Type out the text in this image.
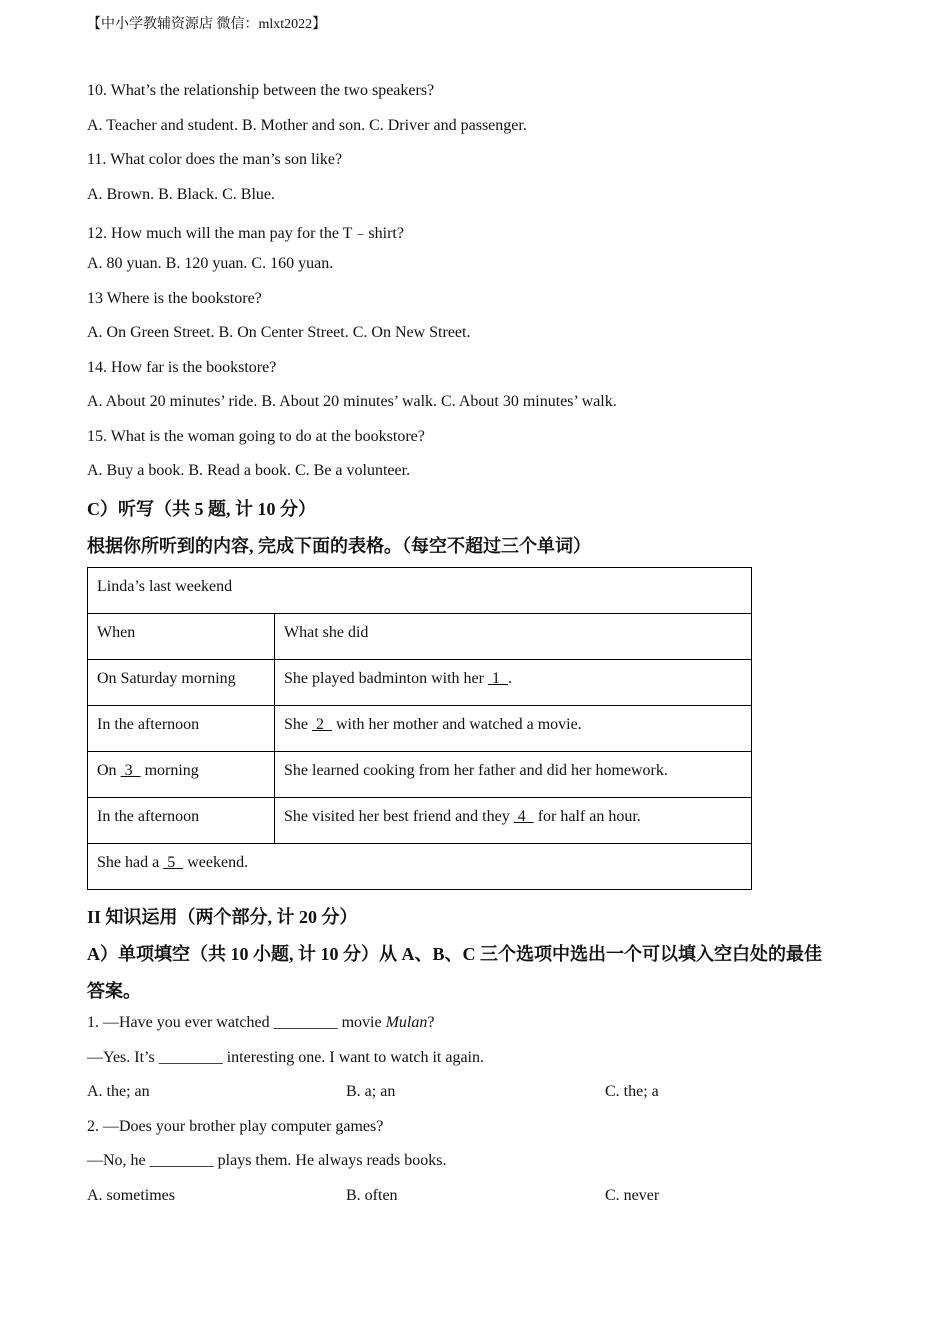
【中小学教辅资源店 微信：mlxt2022】
10. What’s the relationship between the two speakers?
A. Teacher and student. B. Mother and son. C. Driver and passenger.
11. What color does the man’s son like?
A. Brown. B. Black. C. Blue.
12. How much will the man pay for the T﹣shirt?
A. 80 yuan. B. 120 yuan. C. 160 yuan.
13 Where is the bookstore?
A. On Green Street. B. On Center Street. C. On New Street.
14. How far is the bookstore?
A. About 20 minutes’ ride. B. About 20 minutes’ walk. C. About 30 minutes’ walk.
15. What is the woman going to do at the bookstore?
A. Buy a book. B. Read a book. C. Be a volunteer.
C）听写（共 5 题, 计 10 分）
根据你所听到的内容, 完成下面的表格。（每空不超过三个单词）
Linda’s last weekend	
When	What she did
On Saturday morning	She played badminton with her  1  .
In the afternoon	She  2   with her mother and watched a movie.
On  3   morning	She learned cooking from her father and did her homework.
In the afternoon	She visited her best friend and they  4   for half an hour.
She had a  5   weekend.	
II 知识运用（两个部分, 计 20 分）
A）单项填空（共 10 小题, 计 10 分）从 A、B、C 三个选项中选出一个可以填入空白处的最佳
答案。
1. —Have you ever watched ________ movie Mulan?
—Yes. It’s ________ interesting one. I want to watch it again.
A. the; an	B. a; an	C. the; a
2. —Does your brother play computer games?
—No, he ________ plays them. He always reads books.
A. sometimes	B. often	C. never
